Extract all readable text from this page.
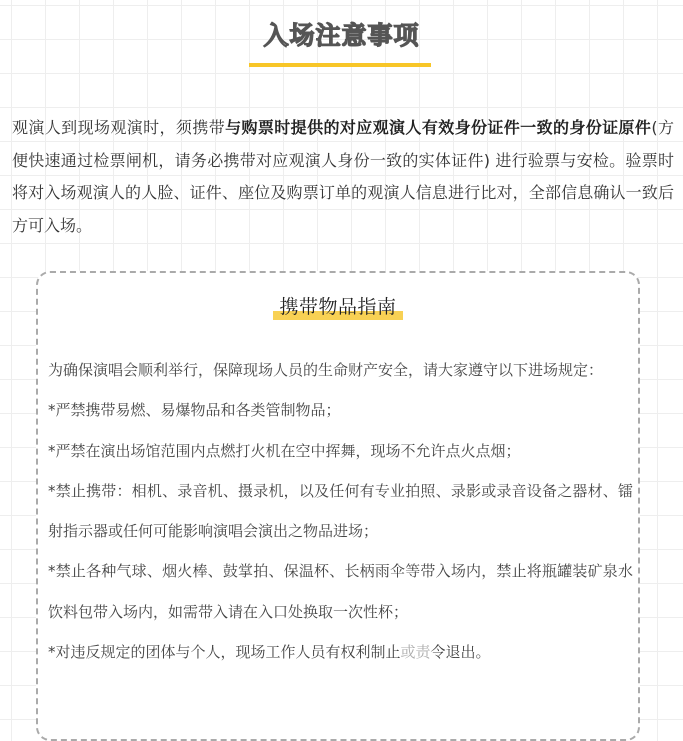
入场注意事项

观演人到现场观演时，须携带与购票时提供的对应观演人有效身份证件一致的身份证原件(方便快速通过检票闸机，请务必携带对应观演人身份一致的实体证件) 进行验票与安检。验票时将对入场观演人的人脸、证件、座位及购票订单的观演人信息进行比对，全部信息确认一致后方可入场。

携带物品指南

为确保演唱会顺利举行，保障现场人员的生命财产安全，请大家遵守以下进场规定：

*严禁携带易燃、易爆物品和各类管制物品；

*严禁在演出场馆范围内点燃打火机在空中挥舞，现场不允许点火点烟；

*禁止携带：相机、录音机、摄录机，以及任何有专业拍照、录影或录音设备之器材、镭射指示器或任何可能影响演唱会演出之物品进场；

*禁止各种气球、烟火棒、鼓掌拍、保温杯、长柄雨伞等带入场内，禁止将瓶罐装矿泉水饮料包带入场内，如需带入请在入口处换取一次性杯；

*对违反规定的团体与个人，现场工作人员有权利制止或责令退出。
